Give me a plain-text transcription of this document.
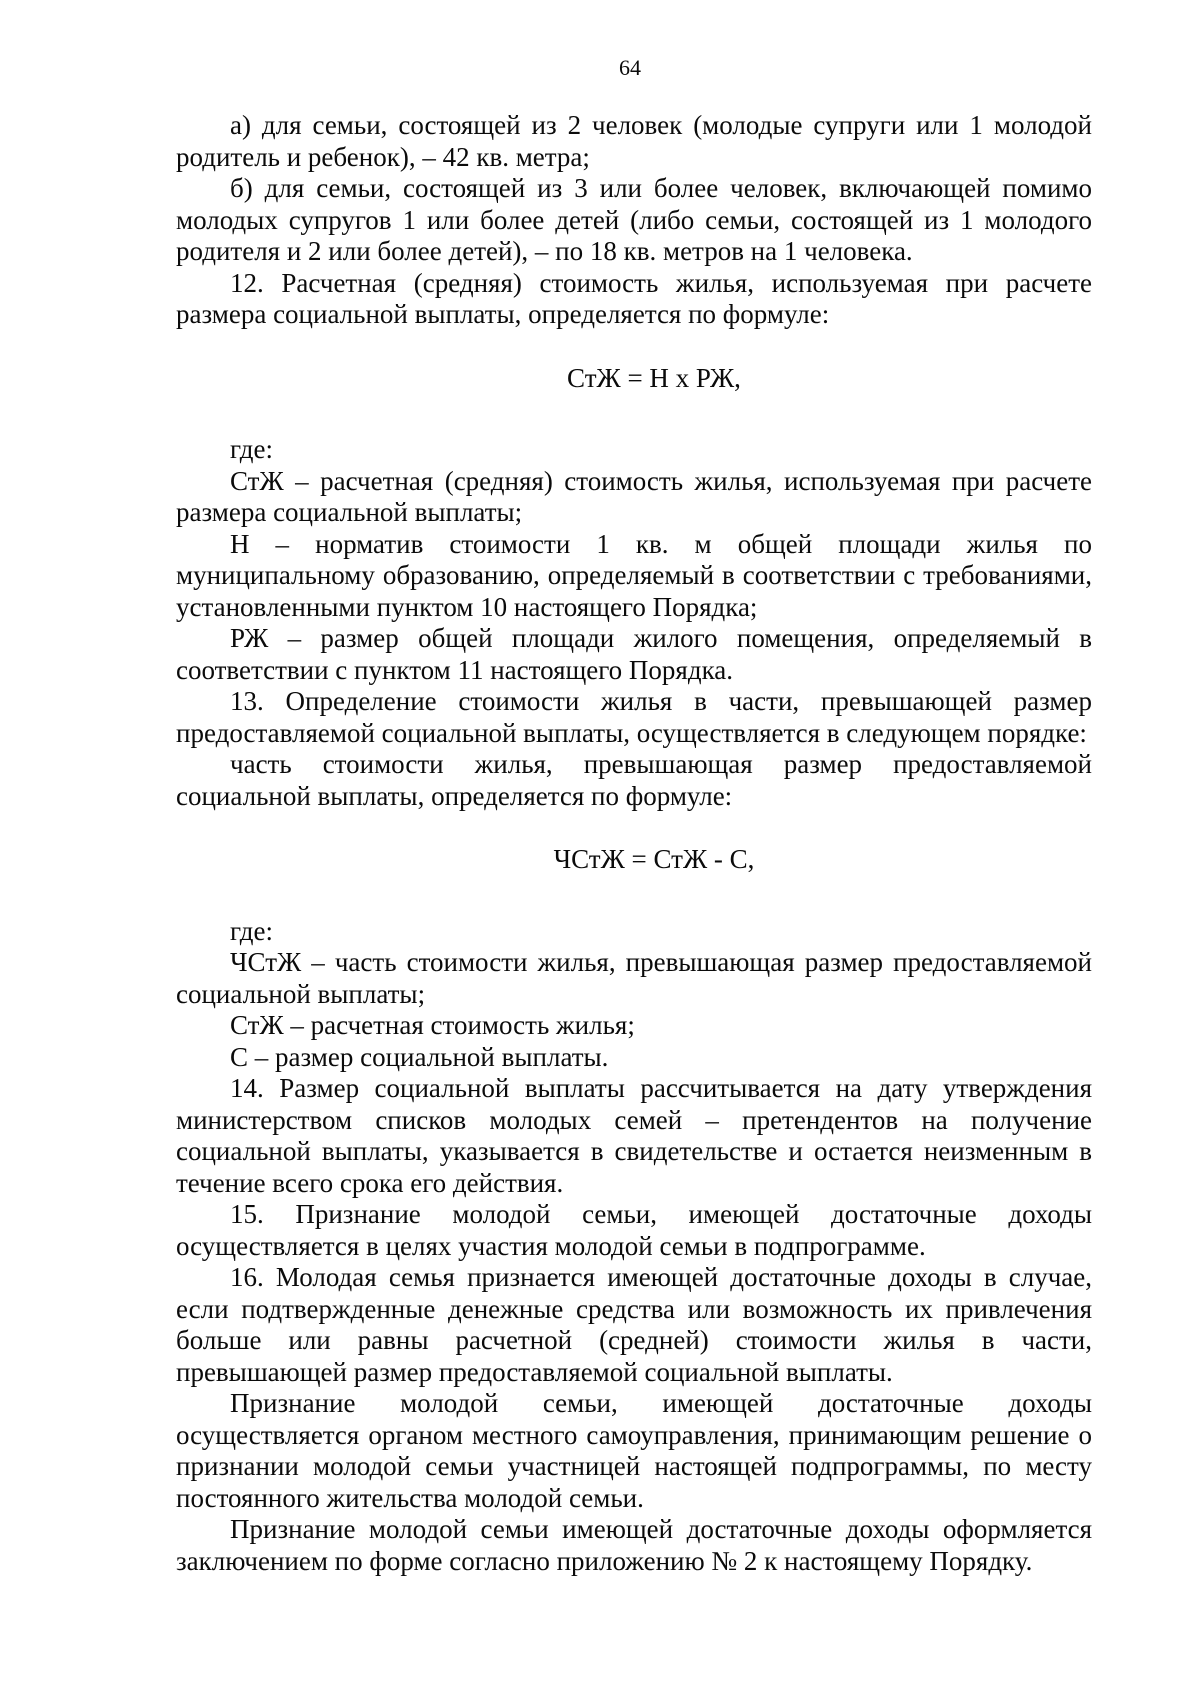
64

а) для семьи, состоящей из 2 человек (молодые супруги или 1 молодой родитель и ребенок), – 42 кв. метра;

б) для семьи, состоящей из 3 или более человек, включающей помимо молодых супругов 1 или более детей (либо семьи, состоящей из 1 молодого родителя и 2 или более детей), – по 18 кв. метров на 1 человека.

12. Расчетная (средняя) стоимость жилья, используемая при расчете размера социальной выплаты, определяется по формуле:

СтЖ = Н х РЖ,

где:

СтЖ – расчетная (средняя) стоимость жилья, используемая при расчете размера социальной выплаты;

Н – норматив стоимости 1 кв. м общей площади жилья по муниципальному образованию, определяемый в соответствии с требованиями, установленными пунктом 10 настоящего Порядка;

РЖ – размер общей площади жилого помещения, определяемый в соответствии с пунктом 11 настоящего Порядка.

13. Определение стоимости жилья в части, превышающей размер предоставляемой социальной выплаты, осуществляется в следующем порядке:

часть стоимости жилья, превышающая размер предоставляемой социальной выплаты, определяется по формуле:

ЧСтЖ = СтЖ - С,

где:

ЧСтЖ – часть стоимости жилья, превышающая размер предоставляемой социальной выплаты;

СтЖ – расчетная стоимость жилья;

С – размер социальной выплаты.

14. Размер социальной выплаты рассчитывается на дату утверждения министерством списков молодых семей – претендентов на получение социальной выплаты, указывается в свидетельстве и остается неизменным в течение всего срока его действия.

15. Признание молодой семьи, имеющей достаточные доходы осуществляется в целях участия молодой семьи в подпрограмме.

16. Молодая семья признается имеющей достаточные доходы в случае, если подтвержденные денежные средства или возможность их привлечения больше или равны расчетной (средней) стоимости жилья в части, превышающей размер предоставляемой социальной выплаты.

Признание молодой семьи, имеющей достаточные доходы осуществляется органом местного самоуправления, принимающим решение о признании молодой семьи участницей настоящей подпрограммы, по месту постоянного жительства молодой семьи.

Признание молодой семьи имеющей достаточные доходы оформляется заключением по форме согласно приложению № 2 к настоящему Порядку.
